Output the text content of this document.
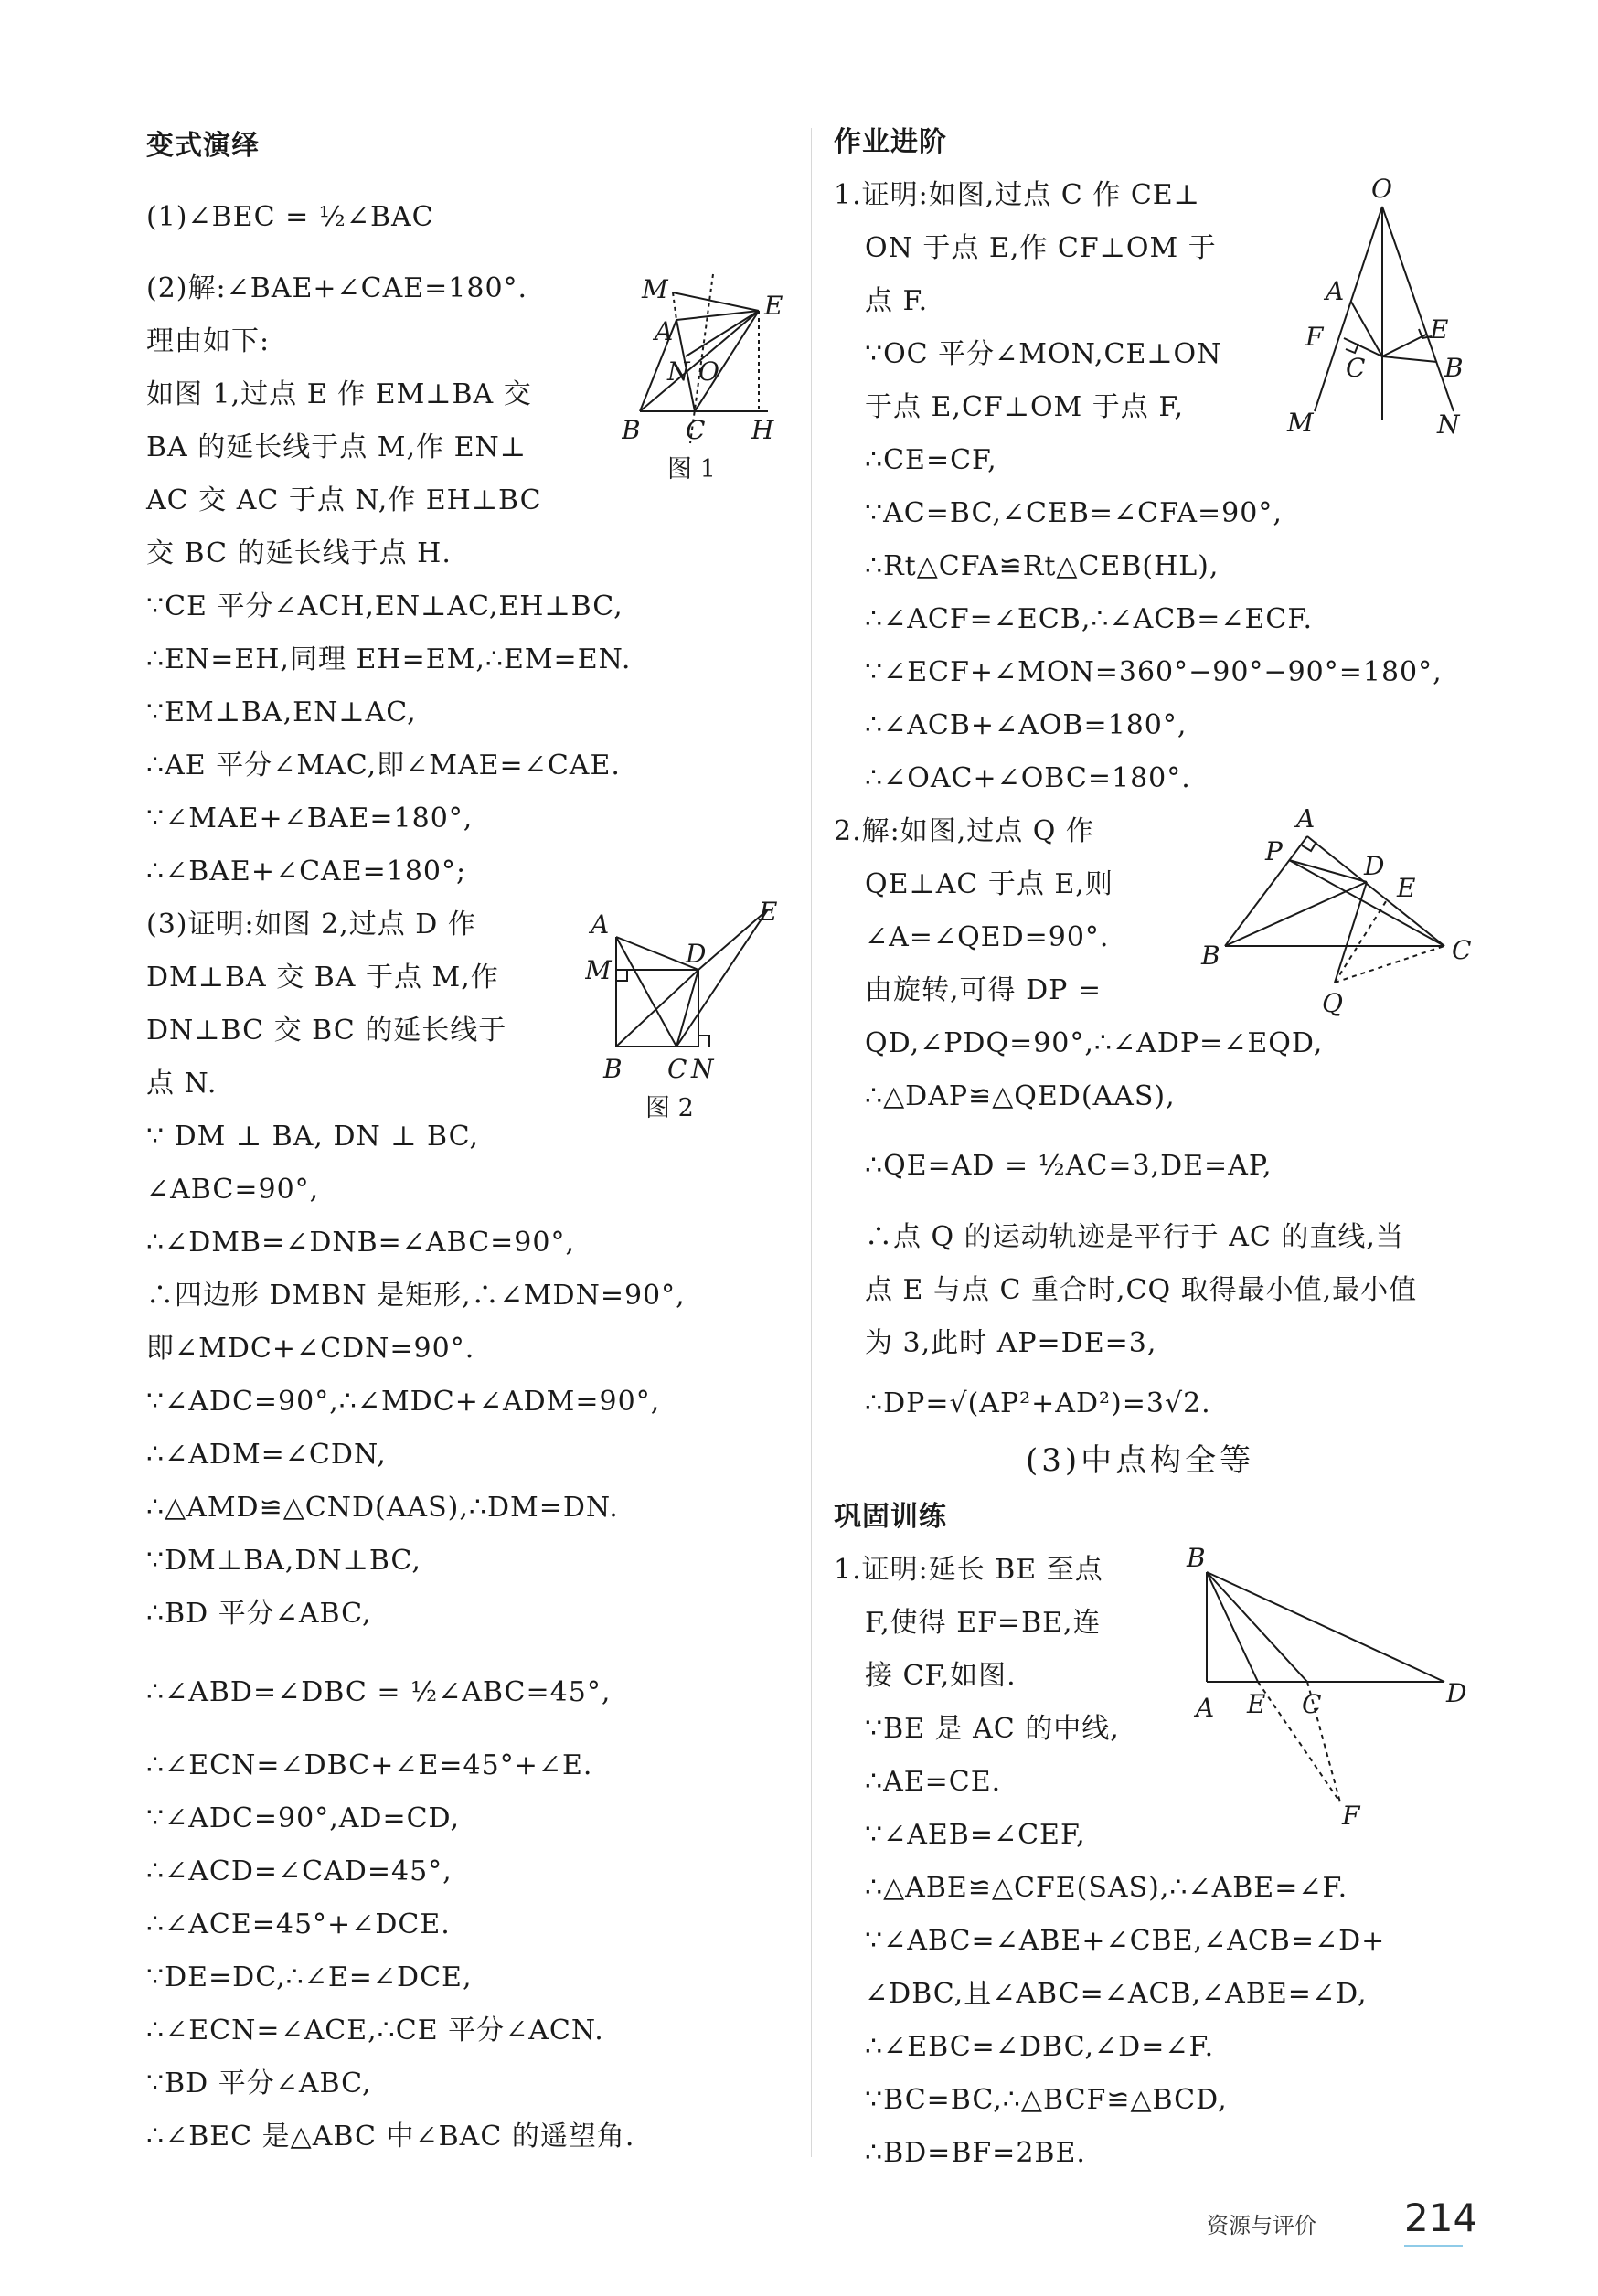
变式演绎
(1)∠BEC = ½∠BAC
(2)解:∠BAE+∠CAE=180°.
理由如下:
如图 1,过点 E 作 EM⊥BA 交
BA 的延长线于点 M,作 EN⊥
AC 交 AC 于点 N,作 EH⊥BC
交 BC 的延长线于点 H.
∵CE 平分∠ACH,EN⊥AC,EH⊥BC,
∴EN=EH,同理 EH=EM,∴EM=EN.
∵EM⊥BA,EN⊥AC,
∴AE 平分∠MAC,即∠MAE=∠CAE.
∵∠MAE+∠BAE=180°,
∴∠BAE+∠CAE=180°;
(3)证明:如图 2,过点 D 作
DM⊥BA 交 BA 于点 M,作
DN⊥BC 交 BC 的延长线于
点 N.
∵ DM ⊥ BA, DN ⊥ BC,
∠ABC=90°,
∴∠DMB=∠DNB=∠ABC=90°,
∴四边形 DMBN 是矩形,∴∠MDN=90°,
即∠MDC+∠CDN=90°.
∵∠ADC=90°,∴∠MDC+∠ADM=90°,
∴∠ADM=∠CDN,
∴△AMD≌△CND(AAS),∴DM=DN.
∵DM⊥BA,DN⊥BC,
∴BD 平分∠ABC,
∴∠ABD=∠DBC = ½∠ABC=45°,
∴∠ECN=∠DBC+∠E=45°+∠E.
∵∠ADC=90°,AD=CD,
∴∠ACD=∠CAD=45°,
∴∠ACE=45°+∠DCE.
∵DE=DC,∴∠E=∠DCE,
∴∠ECN=∠ACE,∴CE 平分∠ACN.
∵BD 平分∠ABC,
∴∠BEC 是△ABC 中∠BAC 的遥望角.
M
E
A
N O
B C H
图 1
A	E
D
M
B C N
图 2
作业进阶
1.证明:如图,过点 C 作 CE⊥
ON 于点 E,作 CF⊥OM 于
点 F.
∵OC 平分∠MON,CE⊥ON
于点 E,CF⊥OM 于点 F,
∴CE=CF,
∵AC=BC,∠CEB=∠CFA=90°,
∴Rt△CFA≌Rt△CEB(HL),
∴∠ACF=∠ECB,∴∠ACB=∠ECF.
∵∠ECF+∠MON=360°−90°−90°=180°,
∴∠ACB+∠AOB=180°,
∴∠OAC+∠OBC=180°.
2.解:如图,过点 Q 作
QE⊥AC 于点 E,则
∠A=∠QED=90°.
由旋转,可得 DP =
QD,∠PDQ=90°,∴∠ADP=∠EQD,
∴△DAP≌△QED(AAS),
∴QE=AD = ½AC=3,DE=AP,
∴点 Q 的运动轨迹是平行于 AC 的直线,当
点 E 与点 C 重合时,CQ 取得最小值,最小值
为 3,此时 AP=DE=3,
∴DP=√(AP²+AD²)=3√2.
(3)中点构全等
巩固训练
1.证明:延长 BE 至点
F,使得 EF=BE,连
接 CF,如图.
∵BE 是 AC 的中线,
∴AE=CE.
∵∠AEB=∠CEF,
∴△ABE≌△CFE(SAS),∴∠ABE=∠F.
∵∠ABC=∠ABE+∠CBE,∠ACB=∠D+
∠DBC,且∠ABC=∠ACB,∠ABE=∠D,
∴∠EBC=∠DBC,∠D=∠F.
∵BC=BC,∴△BCF≌△BCD,
∴BD=BF=2BE.
O
A
F	E
C	B
M	N
A
P	D
E
B	C
Q
B
A E C	D
F
资源与评价 214
